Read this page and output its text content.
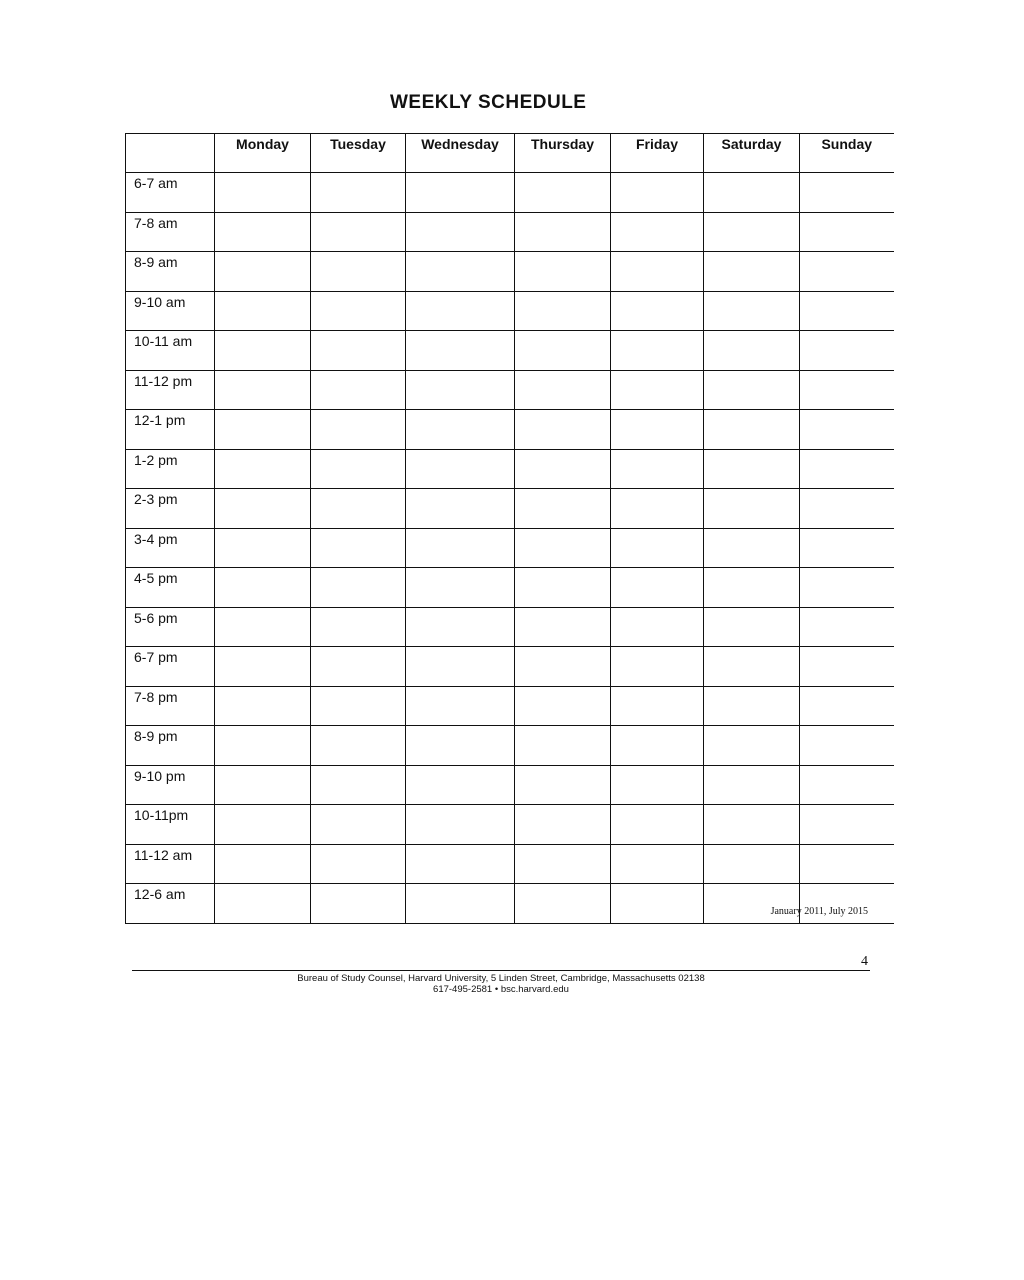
WEEKLY SCHEDULE
	Monday	Tuesday	Wednesday	Thursday	Friday	Saturday	Sunday
6-7 am							
7-8 am							
8-9 am							
9-10 am							
10-11 am							
11-12 pm							
12-1 pm							
1-2 pm							
2-3 pm							
3-4 pm							
4-5 pm							
5-6 pm							
6-7 pm							
7-8 pm							
8-9 pm							
9-10 pm							
10-11pm							
11-12 am							
12-6 am							
January 2011, July 2015
4
Bureau of Study Counsel, Harvard University, 5 Linden Street, Cambridge, Massachusetts 02138
617-495-2581 • bsc.harvard.edu
